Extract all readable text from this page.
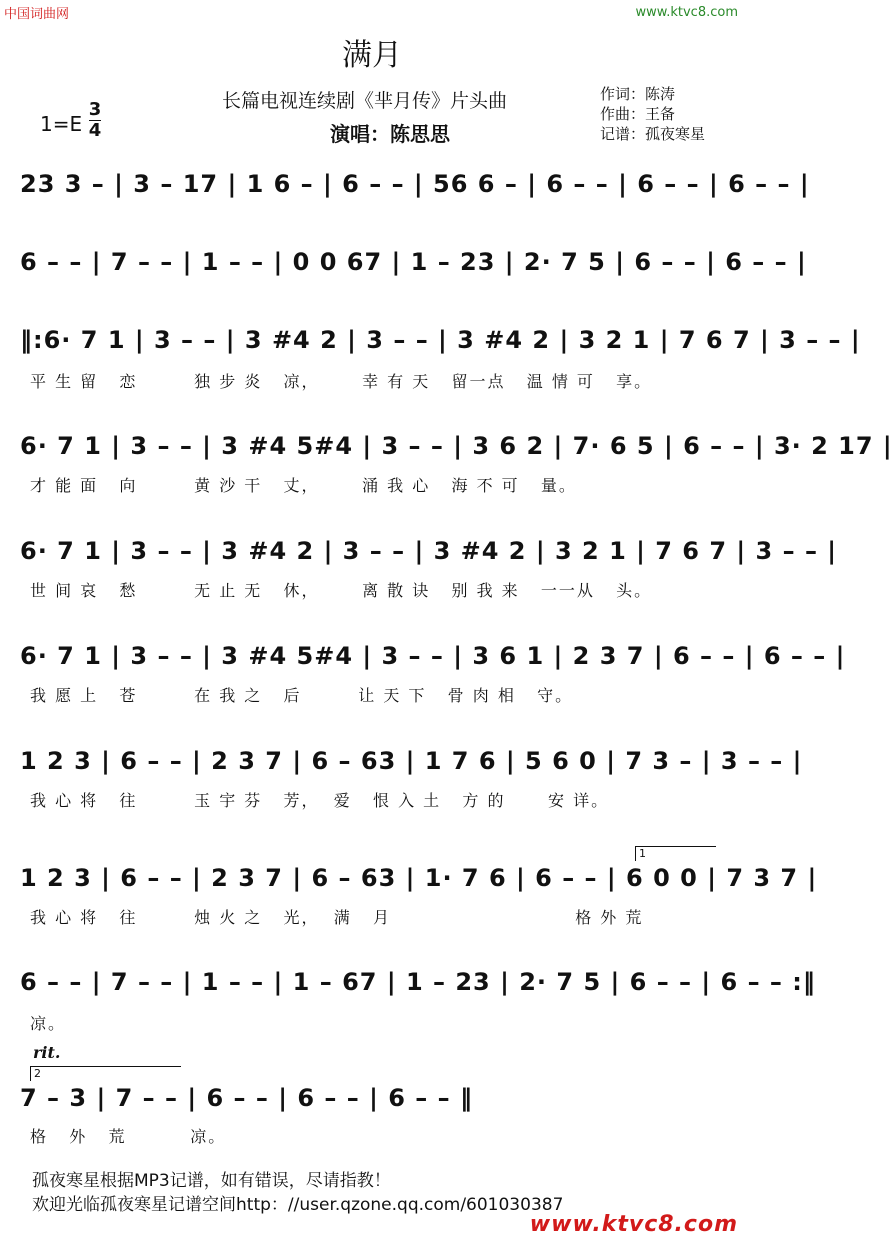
中国词曲网	www.ktvc8.com
满月
长篇电视连续剧《芈月传》片头曲
演唱：陈思思
作词：陈涛
作曲：王备
记谱：孤夜寒星
1=E
3
4
23 3 – | 3 – 17 | 1 6 – | 6 – – | 56 6 – | 6 – – | 6 – – | 6 – – |
6 – – | 7 – – | 1 – – | 0 0 67 | 1 – 23 | 2· 7 5 | 6 – – | 6 – – |
‖:6· 7 1 | 3 – – | 3 #4 2 | 3 – – | 3 #4 2 | 3 2 1 | 7 6 7 | 3 – – |
平 生 留   恋        独 步 炎   凉，      幸 有 天   留一点   温 情 可   享。
6· 7 1 | 3 – – | 3 #4 5#4 | 3 – – | 3 6 2 | 7· 6 5 | 6 – – | 3· 2 17 |
才 能 面   向        黄 沙 干   丈，      涌 我 心   海 不 可   量。
6· 7 1 | 3 – – | 3 #4 2 | 3 – – | 3 #4 2 | 3 2 1 | 7 6 7 | 3 – – |
世 间 哀   愁        无 止 无   休，      离 散 诀   别 我 来   一一从   头。
6· 7 1 | 3 – – | 3 #4 5#4 | 3 – – | 3 6 1 | 2 3 7 | 6 – – | 6 – – |
我 愿 上   苍        在 我 之   后        让 天 下   骨 肉 相   守。
1 2 3 | 6 – – | 2 3 7 | 6 – 63 | 1 7 6 | 5 6 0 | 7 3 – | 3 – – |
我 心 将   往        玉 宇 芬   芳，  爱   恨 入 土   方 的      安 详。
1
1 2 3 | 6 – – | 2 3 7 | 6 – 63 | 1· 7 6 | 6 – – | 6 0 0 | 7 3 7 |
我 心 将   往        烛 火 之   光，  满   月                          格 外 荒
6 – – | 7 – – | 1 – – | 1 – 67 | 1 – 23 | 2· 7 5 | 6 – – | 6 – – :‖
凉。
rit.
2
7 – 3 | 7 – – | 6 – – | 6 – – | 6 – – ‖
格   外   荒         凉。
孤夜寒星根据MP3记谱，如有错误，尽请指教！
欢迎光临孤夜寒星记谱空间http：//user.qzone.qq.com/601030387
www.ktvc8.com
